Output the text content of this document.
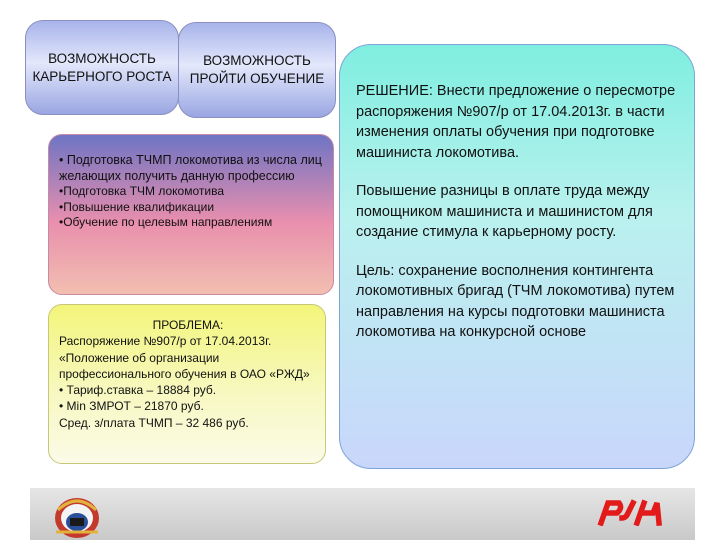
ВОЗМОЖНОСТЬ КАРЬЕРНОГО РОСТА
ВОЗМОЖНОСТЬ ПРОЙТИ ОБУЧЕНИЕ

• Подготовка ТЧМП локомотива из числа лиц желающих получить данную профессию

•Подготовка ТЧМ локомотива

•Повышение квалификации

•Обучение по целевым направлениям

ПРОБЛЕМА:

Распоряжение №907/р от 17.04.2013г.

«Положение об организации профессионального обучения в ОАО «РЖД»

• Тариф.ставка – 18884 руб.

• Min ЗМРОТ – 21870 руб.

Сред. з/плата ТЧМП – 32 486 руб.

РЕШЕНИЕ: Внести предложение о пересмотре распоряжения №907/р от 17.04.2013г. в части изменения оплаты обучения при подготовке машиниста локомотива.

Повышение разницы в оплате труда между помощником машиниста и машинистом для создание стимула к карьерному росту.

Цель: сохранение восполнения контингента локомотивных бригад (ТЧМ локомотива) путем направления на курсы подготовки машиниста локомотива на конкурсной основе
